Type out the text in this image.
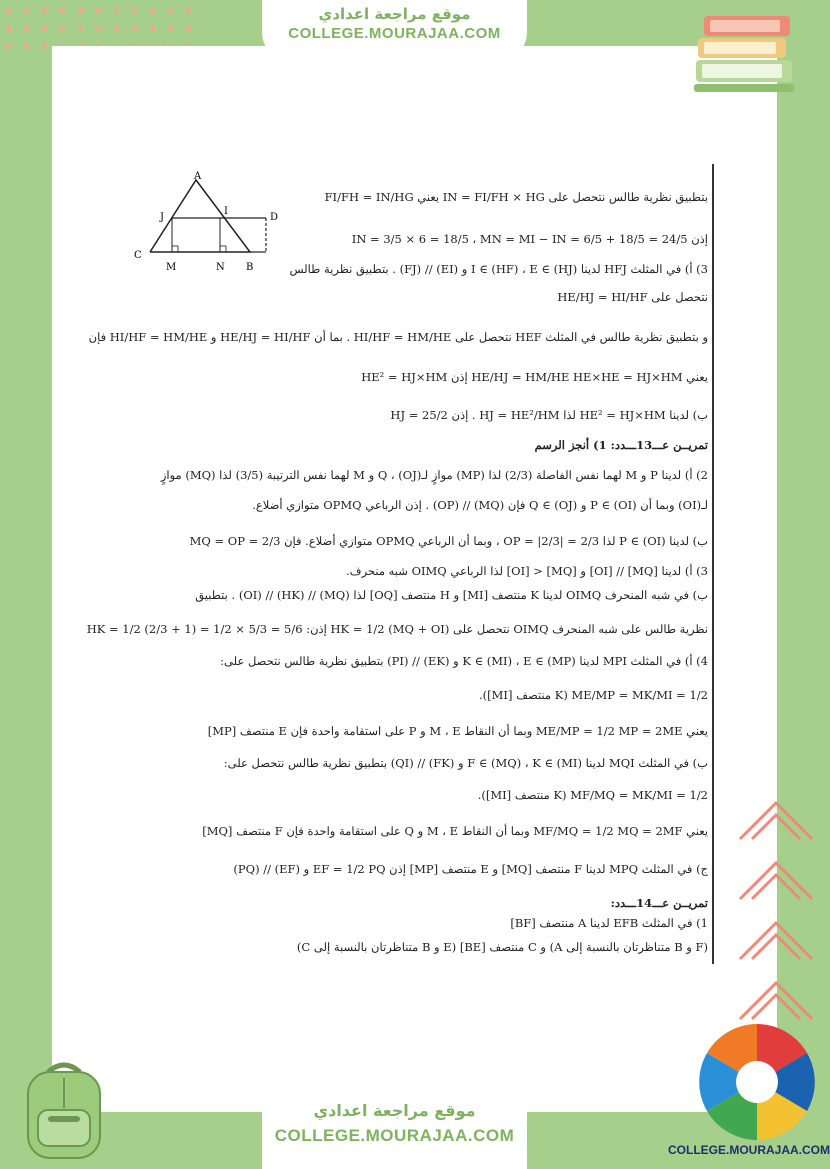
موقع مراجعة اعدادي
COLLEGE.MOURAJAA.COM
A
I
D
J
C
M	N B
بتطبيق نظرية طالس نتحصل على IN = FI/FH × HG يعني FI/FH = IN/HG
إذن IN = 3/5 × 6 = 18/5 ، MN = MI − IN = 6/5 + 18/5 = 24/5
3) أ) في المثلث HFJ لدينا I ∈ (HF) ، E ∈ (HJ) و (EI) // (FJ) . بتطبيق نظرية طالس
نتحصل على HE/HJ = HI/HF
و بتطبيق نظرية طالس في المثلث HEF نتحصل على HI/HF = HM/HE . بما أن HE/HJ = HI/HF و HI/HF = HM/HE فإن
يعني HE/HJ = HM/HE HE×HE = HJ×HM إذن HE² = HJ×HM
ب) لدينا HE² = HJ×HM لذا HJ = HE²/HM . إذن HJ = 25/2
تمريــن عـــ13ـــدد: 1) أنجز الرسم
2) أ) لدينا P و M لهما نفس الفاصلة (2/3) لذا (MP) موازٍ لـ(OJ) ، Q و M لهما نفس الترتيبة (3/5) لذا (MQ) موازٍ
لـ(OI) وبما أن P ∈ (OI) و Q ∈ (OJ) فإن (MQ) // (OP) . إذن الرباعي OPMQ متوازي أضلاع.
ب) لدينا P ∈ (OI) لذا OP = |2/3| = 2/3 ، وبما أن الرباعي OPMQ متوازي أضلاع. فإن MQ = OP = 2/3
3) أ) لدينا [MQ] // [OI] و [MQ] < [OI] لذا الرباعي OIMQ شبه منحرف.
ب) في شبه المنحرف OIMQ لدينا K منتصف [MI] و H منتصف [OQ] لذا (MQ) // (HK) // (OI) . بتطبيق
نظرية طالس على شبه المنحرف OIMQ نتحصل على HK = 1/2 (MQ + OI) إذن: HK = 1/2 (2/3 + 1) = 1/2 × 5/3 = 5/6
4) أ) في المثلث MPI لدينا K ∈ (MI) ، E ∈ (MP) و (EK) // (PI) بتطبيق نظرية طالس نتحصل على:
ME/MP = MK/MI = 1/2 (K منتصف [MI]).
يعني ME/MP = 1/2 MP = 2ME وبما أن النقاط M ، E و P على استقامة واحدة فإن E منتصف [MP]
ب) في المثلث MQI لدينا F ∈ (MQ) ، K ∈ (MI) و (FK) // (QI) بتطبيق نظرية طالس نتحصل على:
MF/MQ = MK/MI = 1/2 (K منتصف [MI]).
يعني MF/MQ = 1/2 MQ = 2MF وبما أن النقاط M ، E و Q على استقامة واحدة فإن F منتصف [MQ]
ج) في المثلث MPQ لدينا F منتصف [MQ] و E منتصف [MP] إذن EF = 1/2 PQ و (EF) // (PQ)
تمريــن عـــ14ـــدد:
1) في المثلث EFB لدينا A منتصف [BF]
(F و B متناظرتان بالنسبة إلى A) و C منتصف [BE] (E و B متناظرتان بالنسبة إلى C)
COLLEGE.MOURAJAA.COM
موقع مراجعة اعدادي
COLLEGE.MOURAJAA.COM
